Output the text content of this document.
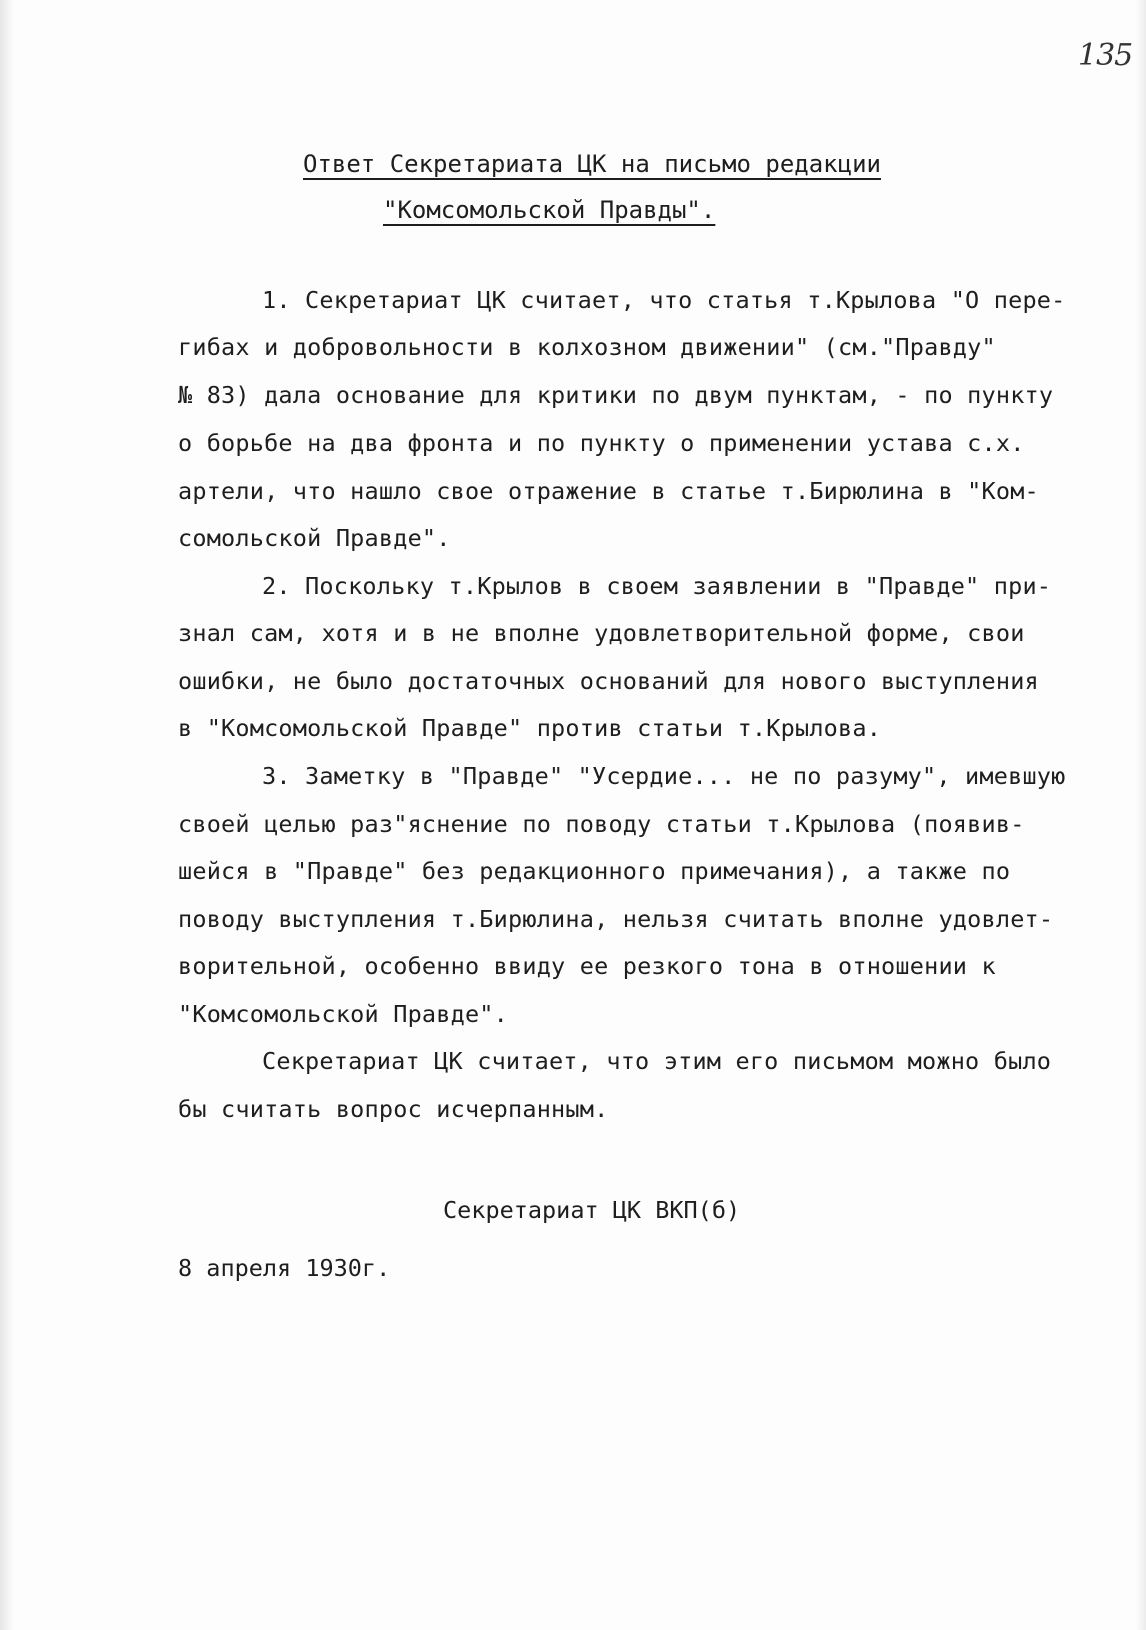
135
Ответ Секретариата ЦК на письмо редакции
"Комсомольской Правды".
1. Секретариат ЦК считает, что статья т.Крылова "О пере-
гибах и добровольности в колхозном движении" (см."Правду"
№ 83) дала основание для критики по двум пунктам, - по пункту
о борьбе на два фронта и по пункту о применении устава с.х.
артели, что нашло свое отражение в статье т.Бирюлина в "Ком-
сомольской Правде".
2. Поскольку т.Крылов в своем заявлении в "Правде" при-
знал сам, хотя и в не вполне удовлетворительной форме, свои
ошибки, не было достаточных оснований для нового выступления
в "Комсомольской Правде" против статьи т.Крылова.
3. Заметку в "Правде" "Усердие... не по разуму", имевшую
своей целью раз"яснение по поводу статьи т.Крылова (появив-
шейся в "Правде" без редакционного примечания), а также по
поводу выступления т.Бирюлина, нельзя считать вполне удовлет-
ворительной, особенно ввиду ее резкого тона в отношении к
"Комсомольской Правде".
Секретариат ЦК считает, что этим его письмом можно было
бы считать вопрос исчерпанным.
Секретариат ЦК ВКП(б)
8 апреля 1930г.
